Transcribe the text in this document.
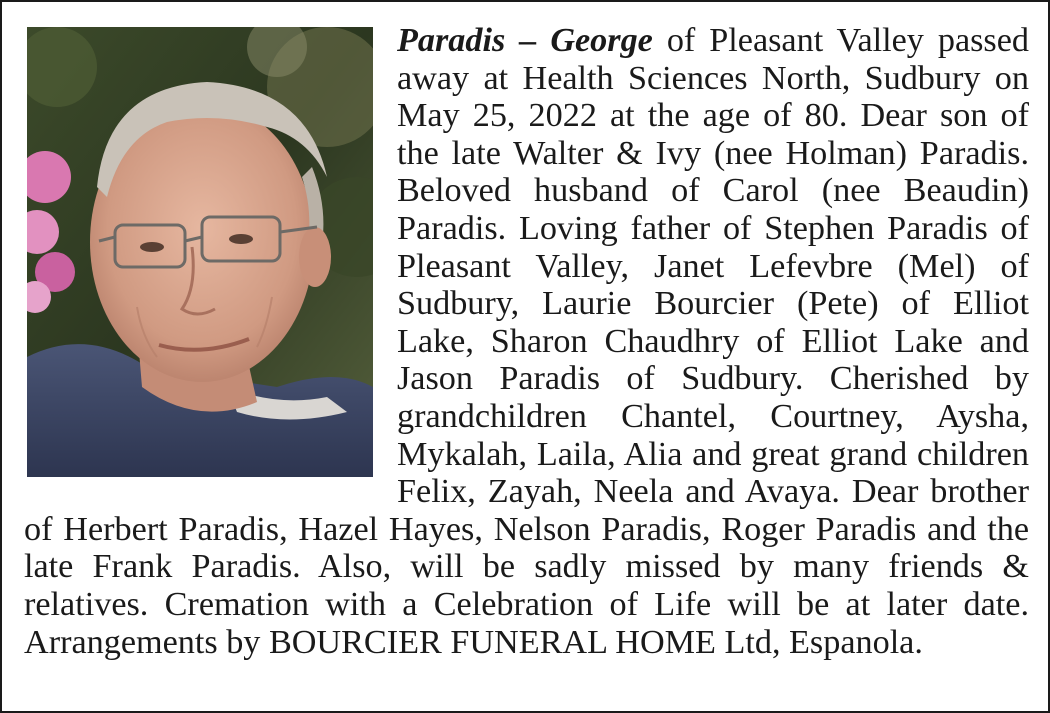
Paradis – George of Pleasant Valley passed away at Health Sciences North, Sudbury on May 25, 2022 at the age of 80. Dear son of the late Walter & Ivy (nee Holman) Paradis. Beloved husband of Carol (nee Beaudin) Paradis. Loving father of Stephen Paradis of Pleasant Valley, Janet Lefevbre (Mel) of Sudbury, Laurie Bourcier (Pete) of Elliot Lake, Sharon Chaudhry of Elliot Lake and Jason Paradis of Sudbury. Cherished by grandchildren Chantel, Courtney, Aysha, Mykalah, Laila, Alia and great grand children Felix, Zayah, Neela and Avaya. Dear brother of Herbert Paradis, Hazel Hayes, Nelson Paradis, Roger Paradis and the late Frank Paradis. Also, will be sadly missed by many friends & relatives. Cremation with a Celebration of Life will be at later date. Arrangements by BOURCIER FUNERAL HOME Ltd, Espanola.
